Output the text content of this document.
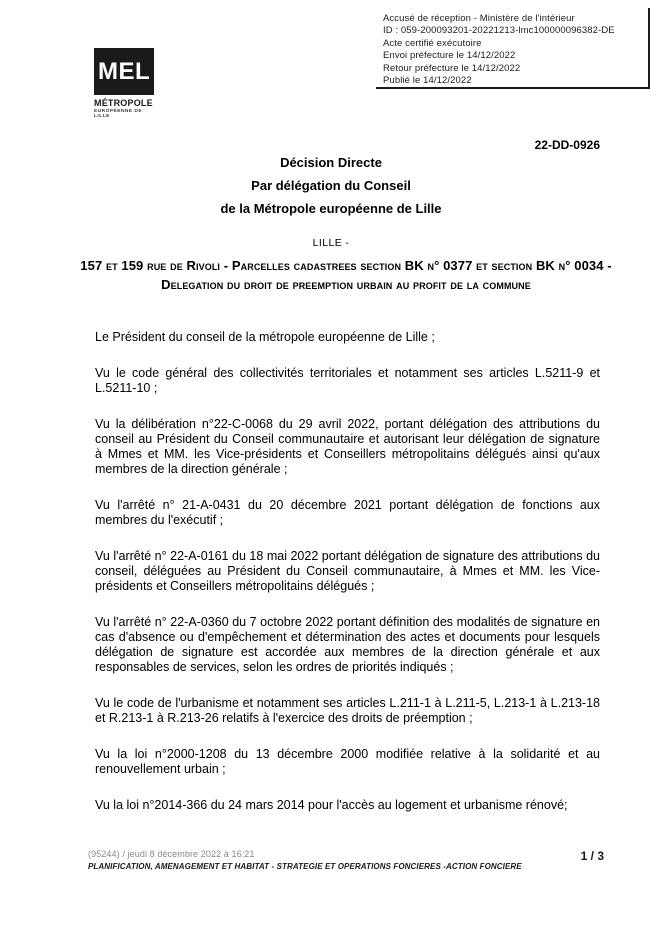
Accusé de réception - Ministère de l'intérieur
ID : 059-200093201-20221213-lmc100000096382-DE
Acte certifié exécutoire
Envoi préfecture le 14/12/2022
Retour préfecture le 14/12/2022
Publié le 14/12/2022
MEL
MÉTROPOLE
EUROPÉENNE DE LILLE
22-DD-0926
Décision Directe
Par délégation du Conseil
de la Métropole européenne de Lille
LILLE -
157 et 159 rue de Rivoli - Parcelles cadastrees section BK n° 0377 et section BK n° 0034 - Delegation du droit de preemption urbain au profit de la commune

Le Président du conseil de la métropole européenne de Lille ;

Vu le code général des collectivités territoriales et notamment ses articles L.5211-9 et L.5211-10 ;

Vu la délibération n°22-C-0068 du 29 avril 2022, portant délégation des attributions du conseil au Président du Conseil communautaire et autorisant leur délégation de signature à Mmes et MM. les Vice-présidents et Conseillers métropolitains délégués ainsi qu'aux membres de la direction générale ;

Vu l'arrêté n° 21-A-0431 du 20 décembre 2021 portant délégation de fonctions aux membres du l'exécutif ;

Vu l'arrêté n° 22-A-0161 du 18 mai 2022 portant délégation de signature des attributions du conseil, déléguées au Président du Conseil communautaire, à Mmes et MM. les Vice-présidents et Conseillers métropolitains délégués ;

Vu l'arrêté n° 22-A-0360 du 7 octobre 2022 portant définition des modalités de signature en cas d'absence ou d'empêchement et détermination des actes et documents pour lesquels délégation de signature est accordée aux membres de la direction générale et aux responsables de services, selon les ordres de priorités indiqués ;

Vu le code de l'urbanisme et notamment ses articles L.211-1 à L.211-5, L.213-1 à L.213-18 et R.213-1 à R.213-26 relatifs à l'exercice des droits de préemption ;

Vu la loi n°2000-1208 du 13 décembre 2000 modifiée relative à la solidarité et au renouvellement urbain ;

Vu la loi n°2014-366 du 24 mars 2014 pour l'accès au logement et urbanisme rénové;

(95244) / jeudi 8 décembre 2022 à 16:21	1 / 3
PLANIFICATION, AMENAGEMENT ET HABITAT - STRATEGIE ET OPERATIONS FONCIERES -ACTION FONCIERE
